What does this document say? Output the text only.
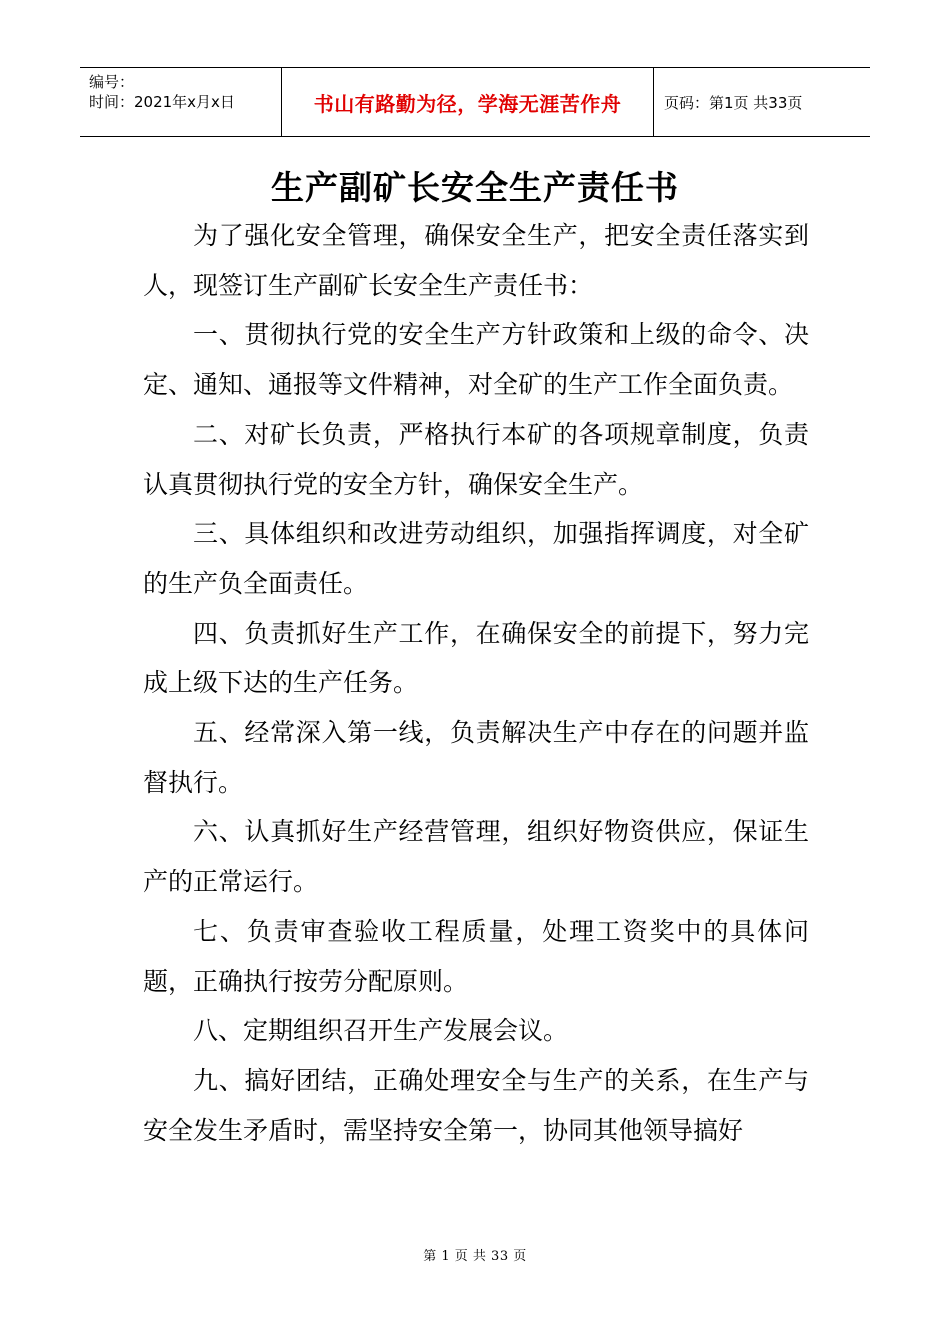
编号：
时间：2021年x月x日	书山有路勤为径，学海无涯苦作舟	页码：第1页 共33页
生产副矿长安全生产责任书

为了强化安全管理，确保安全生产，把安全责任落实到人，现签订生产副矿长安全生产责任书：

一、贯彻执行党的安全生产方针政策和上级的命令、决定、通知、通报等文件精神，对全矿的生产工作全面负责。

二、对矿长负责，严格执行本矿的各项规章制度，负责认真贯彻执行党的安全方针，确保安全生产。

三、具体组织和改进劳动组织，加强指挥调度，对全矿的生产负全面责任。

四、负责抓好生产工作，在确保安全的前提下，努力完成上级下达的生产任务。

五、经常深入第一线，负责解决生产中存在的问题并监督执行。

六、认真抓好生产经营管理，组织好物资供应，保证生产的正常运行。

七、负责审查验收工程质量，处理工资奖中的具体问题，正确执行按劳分配原则。

八、定期组织召开生产发展会议。

九、搞好团结，正确处理安全与生产的关系，在生产与安全发生矛盾时，需坚持安全第一，协同其他领导搞好

第 1 页 共 33 页
